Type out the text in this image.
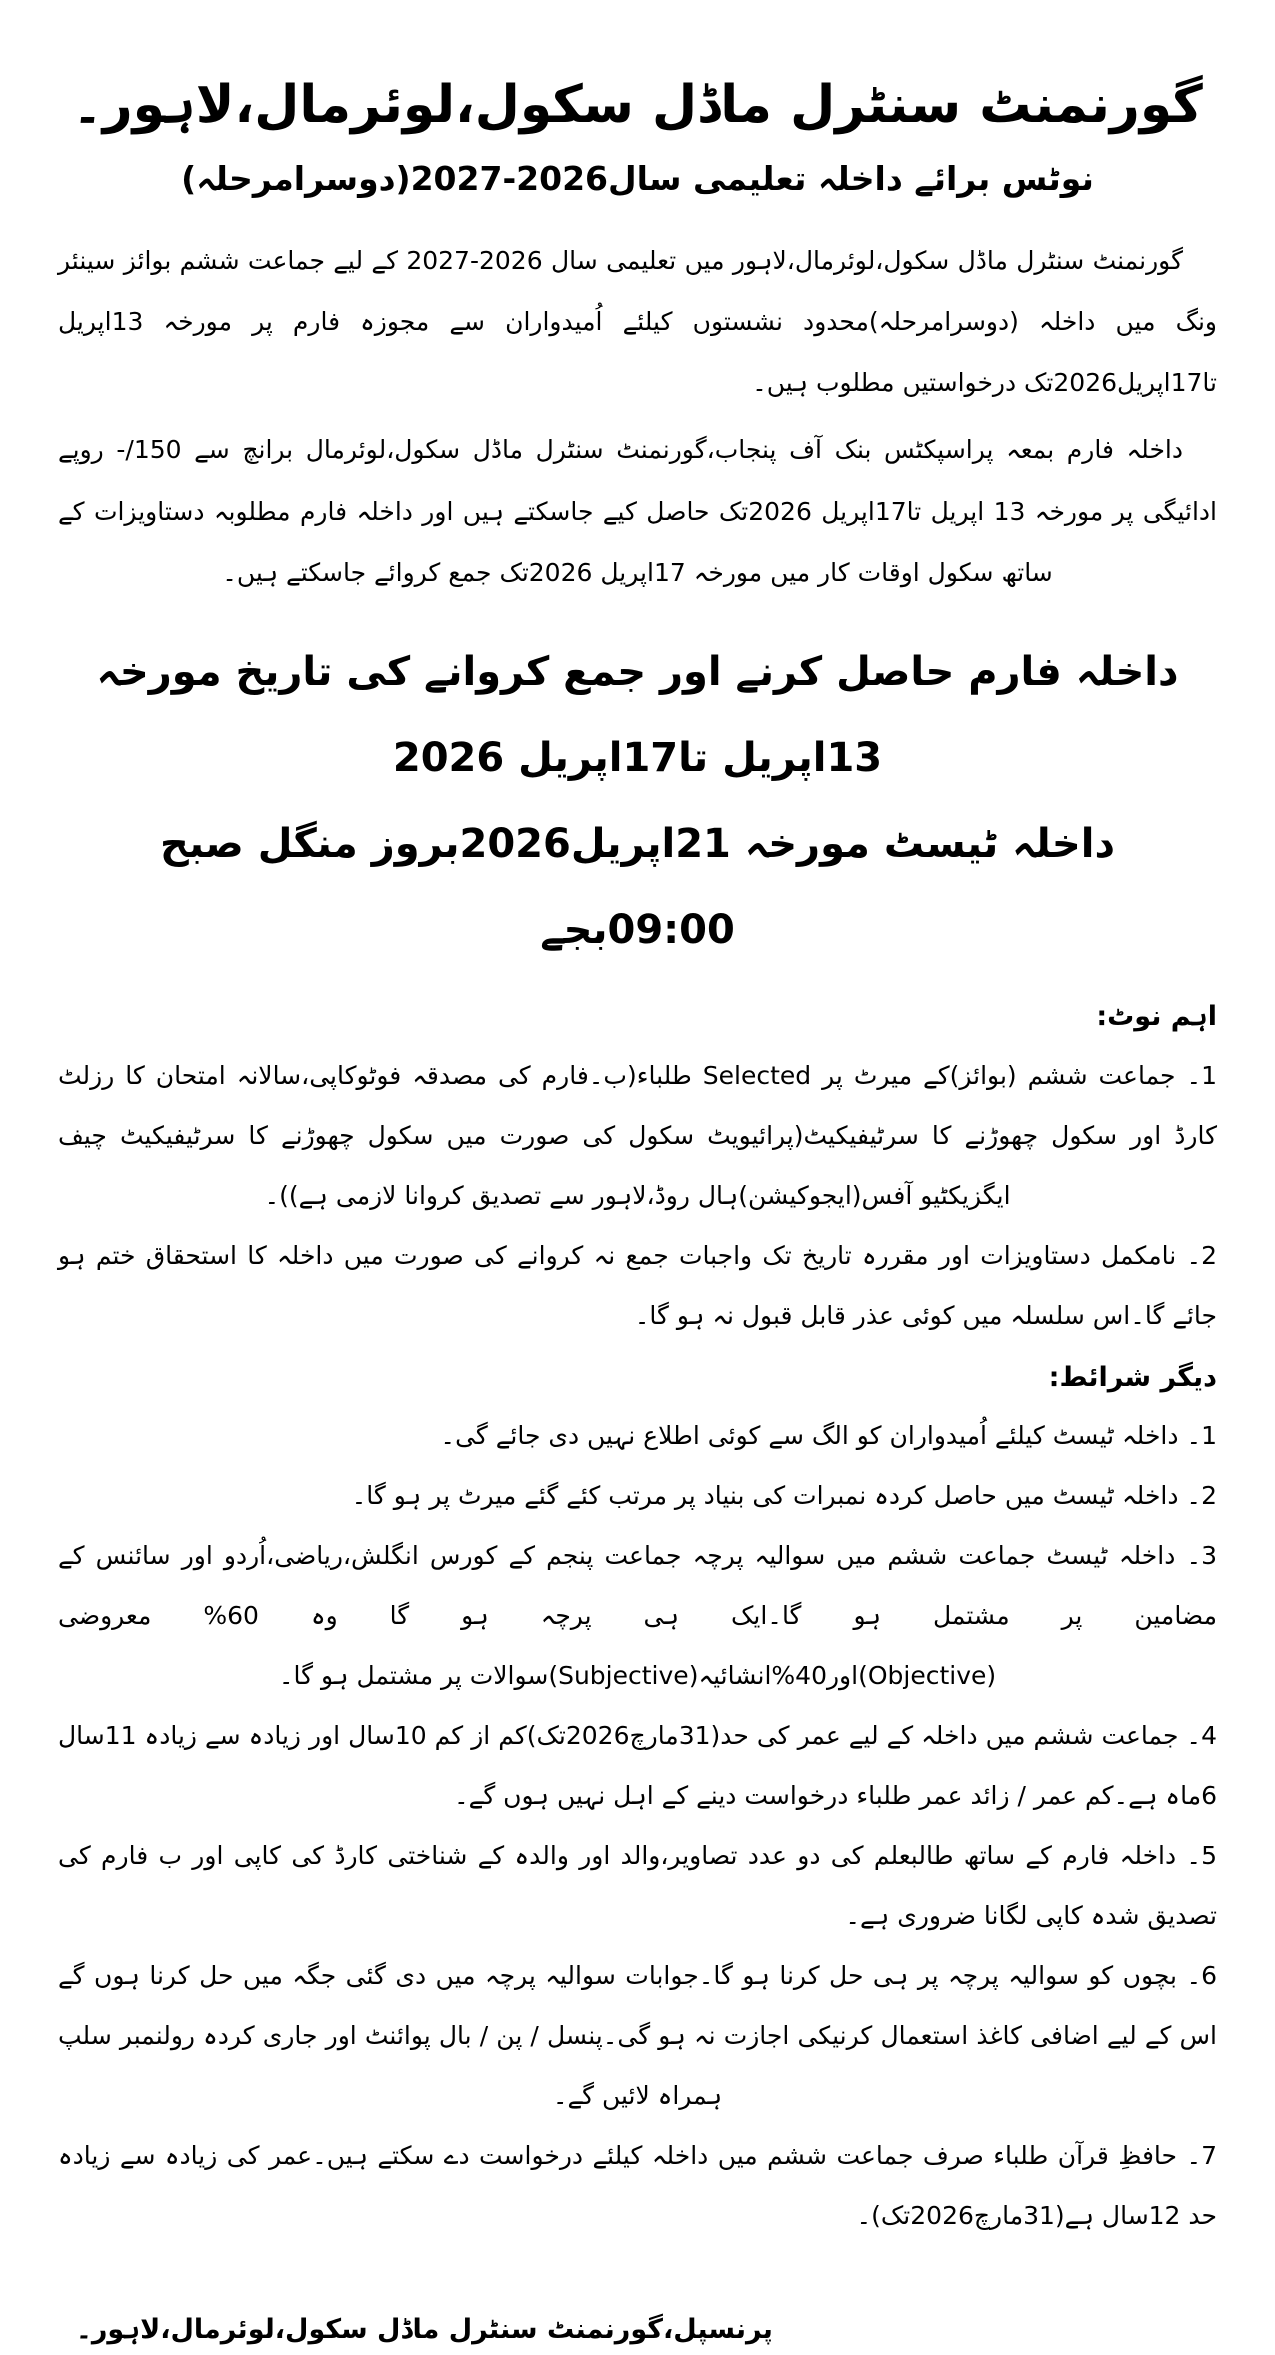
گورنمنٹ سنٹرل ماڈل سکول،لوئرمال،لاہور۔
نوٹس برائے داخلہ تعلیمی سال2026-2027(دوسرامرحلہ)

گورنمنٹ سنٹرل ماڈل سکول،لوئرمال،لاہور میں تعلیمی سال 2026-2027 کے لیے جماعت ششم بوائز سینئر ونگ میں داخلہ (دوسرامرحلہ)محدود نشستوں کیلئے اُمیدواران سے مجوزہ فارم پر مورخہ 13اپریل تا17اپریل2026تک درخواستیں مطلوب ہیں۔

داخلہ فارم بمعہ پراسپکٹس بنک آف پنجاب،گورنمنٹ سنٹرل ماڈل سکول،لوئرمال برانچ سے 150/- روپے ادائیگی پر مورخہ 13 اپریل تا17اپریل 2026تک حاصل کیے جاسکتے ہیں اور داخلہ فارم مطلوبہ دستاویزات کے ساتھ سکول اوقات کار میں مورخہ 17اپریل 2026تک جمع کروائے جاسکتے ہیں۔

داخلہ فارم حاصل کرنے اور جمع کروانے کی تاریخ مورخہ 13اپریل تا17اپریل 2026
داخلہ ٹیسٹ مورخہ 21اپریل2026بروز منگل صبح 09:00بجے
اہم نوٹ:
1۔ جماعت ششم (بوائز)کے میرٹ پر Selected طلباء(ب۔فارم کی مصدقہ فوٹوکاپی،سالانہ امتحان کا رزلٹ کارڈ اور سکول چھوڑنے کا سرٹیفیکیٹ(پرائیویٹ سکول کی صورت میں سکول چھوڑنے کا سرٹیفیکیٹ چیف ایگزیکٹیو آفس(ایجوکیشن)ہال روڈ،لاہور سے تصدیق کروانا لازمی ہے))۔
2۔ نامکمل دستاویزات اور مقررہ تاریخ تک واجبات جمع نہ کروانے کی صورت میں داخلہ کا استحقاق ختم ہو جائے گا۔اس سلسلہ میں کوئی عذر قابل قبول نہ ہو گا۔
دیگر شرائط:
1۔ داخلہ ٹیسٹ کیلئے اُمیدواران کو الگ سے کوئی اطلاع نہیں دی جائے گی۔
2۔ داخلہ ٹیسٹ میں حاصل کردہ نمبرات کی بنیاد پر مرتب کئے گئے میرٹ پر ہو گا۔
3۔ داخلہ ٹیسٹ جماعت ششم میں سوالیہ پرچہ جماعت پنجم کے کورس انگلش،ریاضی،اُردو اور سائنس کے مضامین پر مشتمل ہو گا۔ایک ہی پرچہ ہو گا وہ 60% معروضی (Objective)اور40%انشائیہ(Subjective)سوالات پر مشتمل ہو گا۔
4۔ جماعت ششم میں داخلہ کے لیے عمر کی حد(31مارچ2026تک)کم از کم 10سال اور زیادہ سے زیادہ 11سال 6ماہ ہے۔کم عمر / زائد عمر طلباء درخواست دینے کے اہل نہیں ہوں گے۔
5۔ داخلہ فارم کے ساتھ طالبعلم کی دو عدد تصاویر،والد اور والدہ کے شناختی کارڈ کی کاپی اور ب فارم کی تصدیق شدہ کاپی لگانا ضروری ہے۔
6۔ بچوں کو سوالیہ پرچہ پر ہی حل کرنا ہو گا۔جوابات سوالیہ پرچہ میں دی گئی جگہ میں حل کرنا ہوں گے اس کے لیے اضافی کاغذ استعمال کرنیکی اجازت نہ ہو گی۔پنسل / پن / بال پوائنٹ اور جاری کردہ رولنمبر سلپ ہمراہ لائیں گے۔
7۔ حافظِ قرآن طلباء صرف جماعت ششم میں داخلہ کیلئے درخواست دے سکتے ہیں۔عمر کی زیادہ سے زیادہ حد 12سال ہے(31مارچ2026تک)۔
پرنسپل،گورنمنٹ سنٹرل ماڈل سکول،لوئرمال،لاہور۔
